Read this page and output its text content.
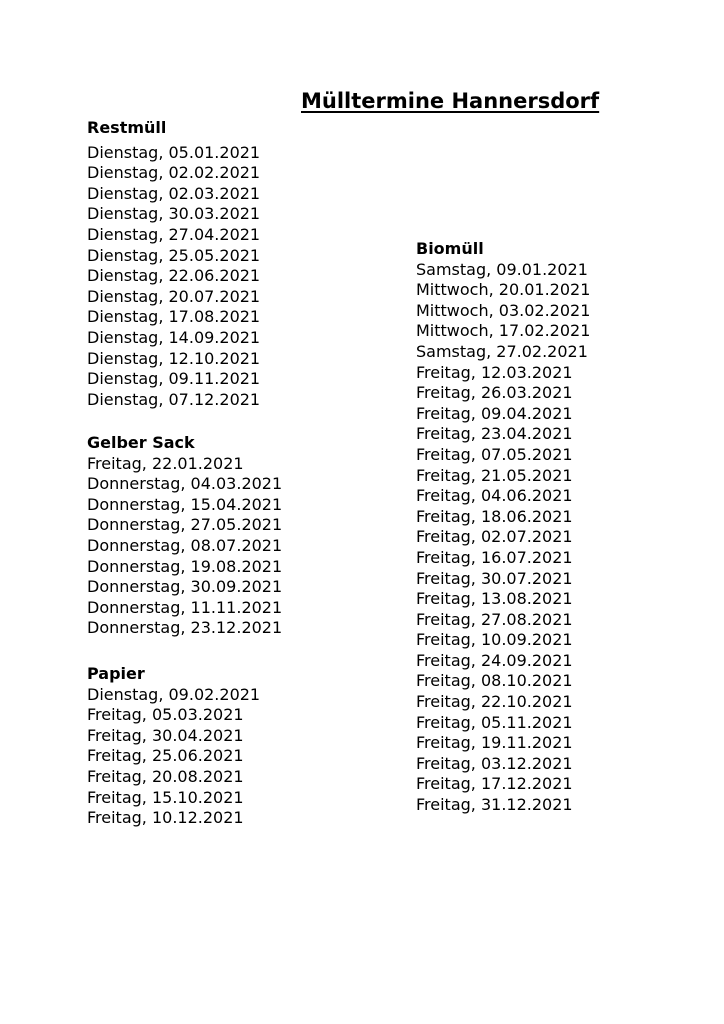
Mülltermine Hannersdorf
Restmüll
Dienstag, 05.01.2021
Dienstag, 02.02.2021
Dienstag, 02.03.2021
Dienstag, 30.03.2021
Dienstag, 27.04.2021
Dienstag, 25.05.2021
Dienstag, 22.06.2021
Dienstag, 20.07.2021
Dienstag, 17.08.2021
Dienstag, 14.09.2021
Dienstag, 12.10.2021
Dienstag, 09.11.2021
Dienstag, 07.12.2021
Gelber Sack
Freitag, 22.01.2021
Donnerstag, 04.03.2021
Donnerstag, 15.04.2021
Donnerstag, 27.05.2021
Donnerstag, 08.07.2021
Donnerstag, 19.08.2021
Donnerstag, 30.09.2021
Donnerstag, 11.11.2021
Donnerstag, 23.12.2021
Papier
Dienstag, 09.02.2021
Freitag, 05.03.2021
Freitag, 30.04.2021
Freitag, 25.06.2021
Freitag, 20.08.2021
Freitag, 15.10.2021
Freitag, 10.12.2021
Biomüll
Samstag, 09.01.2021
Mittwoch, 20.01.2021
Mittwoch, 03.02.2021
Mittwoch, 17.02.2021
Samstag, 27.02.2021
Freitag, 12.03.2021
Freitag, 26.03.2021
Freitag, 09.04.2021
Freitag, 23.04.2021
Freitag, 07.05.2021
Freitag, 21.05.2021
Freitag, 04.06.2021
Freitag, 18.06.2021
Freitag, 02.07.2021
Freitag, 16.07.2021
Freitag, 30.07.2021
Freitag, 13.08.2021
Freitag, 27.08.2021
Freitag, 10.09.2021
Freitag, 24.09.2021
Freitag, 08.10.2021
Freitag, 22.10.2021
Freitag, 05.11.2021
Freitag, 19.11.2021
Freitag, 03.12.2021
Freitag, 17.12.2021
Freitag, 31.12.2021
